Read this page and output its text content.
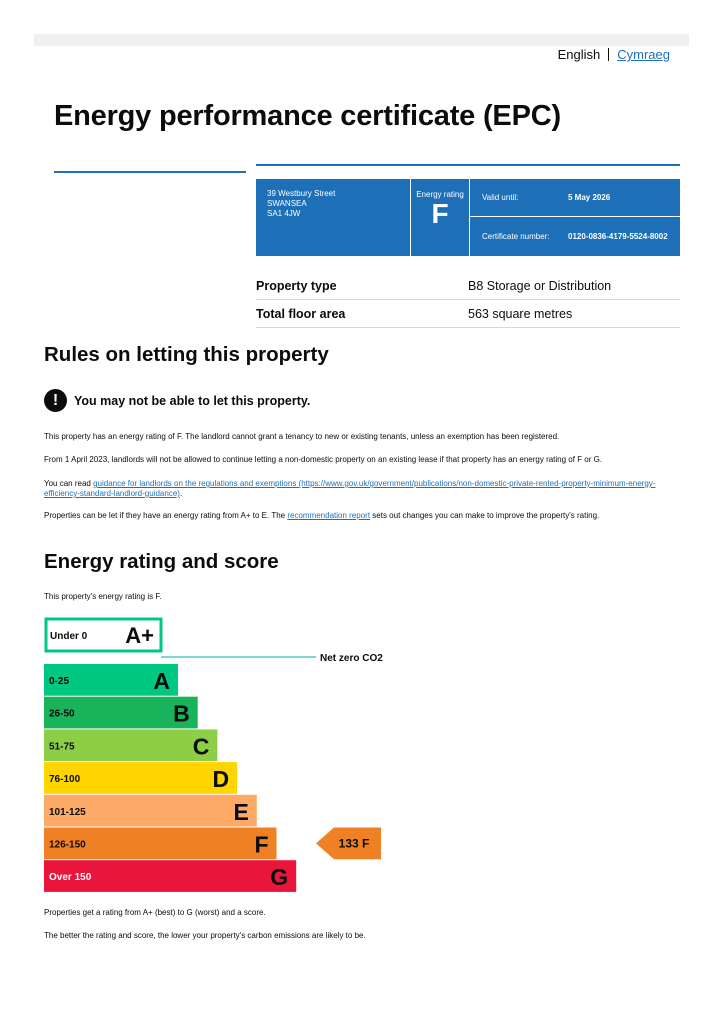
English Cymraeg
Energy performance certificate (EPC)
39 Westbury Street
SWANSEA
SA1 4JW
Energy rating
F
Valid until:	5 May 2026
Certificate number:	0120-0836-4179-5524-8002
Property type	B8 Storage or Distribution
Total floor area	563 square metres
Rules on letting this property
!	You may not be able to let this property.

This property has an energy rating of F. The landlord cannot grant a tenancy to new or existing tenants, unless an exemption has been registered.

From 1 April 2023, landlords will not be allowed to continue letting a non-domestic property on an existing lease if that property has an energy rating of F or G.

You can read guidance for landlords on the regulations and exemptions (https://www.gov.uk/government/publications/non-domestic-private-rented-property-minimum-energy-efficiency-standard-landlord-guidance).

Properties can be let if they have an energy rating from A+ to E. The recommendation report sets out changes you can make to improve the property's rating.

Energy rating and score

This property's energy rating is F.

Under 0 A+
Net zero CO2
0-25	A
26-50	B
51-75	C
76-100	D
101-125	E
126-150	F
Over 150	G
133 F

Properties get a rating from A+ (best) to G (worst) and a score.

The better the rating and score, the lower your property's carbon emissions are likely to be.
